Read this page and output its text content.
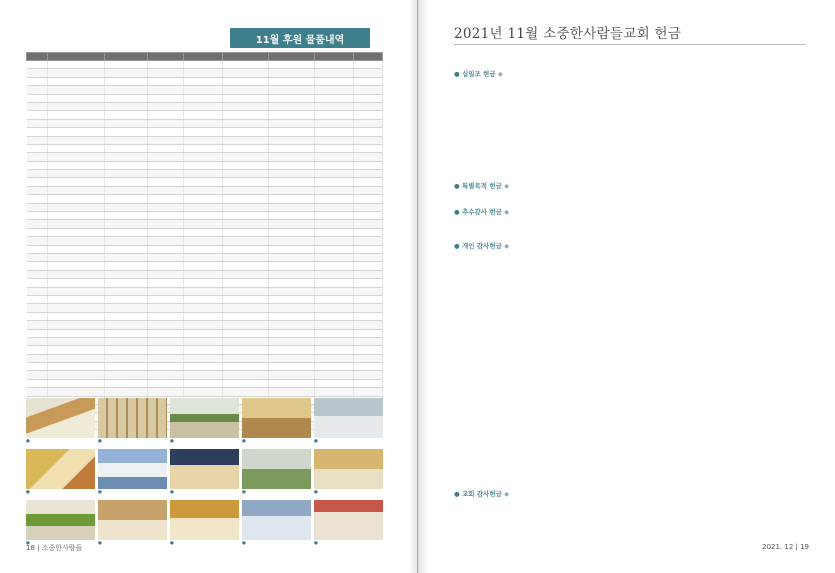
11월 후원 물품내역

●
●
●
●
●
●
●
●
●
●
●
●
●
●
●
18 | 소중한사람들
2021년 11월 소중한사람들교회 헌금
● 십일조 헌금 ◆
● 특별목적 헌금 ◆
● 추수감사 헌금 ◆
● 개인 감사헌금 ◆
● 교회 감사헌금 ◆
2021. 12 | 19
